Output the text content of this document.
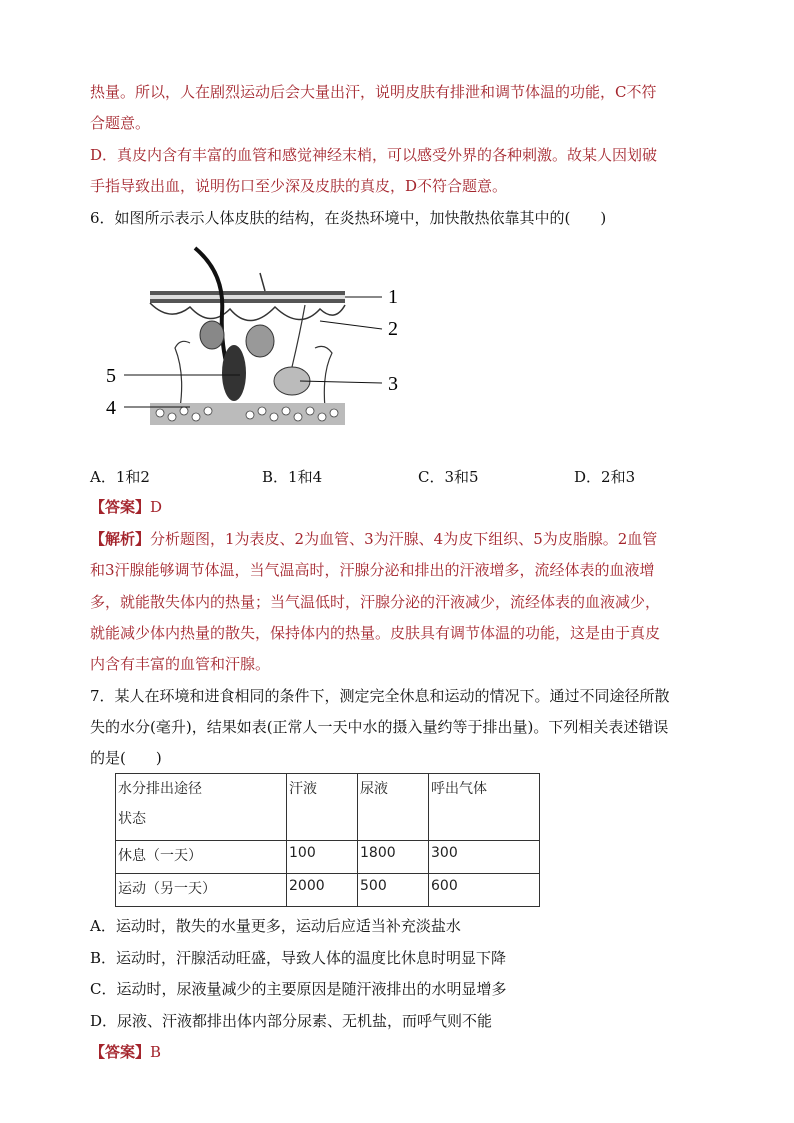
热量。所以，人在剧烈运动后会大量出汗，说明皮肤有排泄和调节体温的功能，C不符
合题意。
D．真皮内含有丰富的血管和感觉神经末梢，可以感受外界的各种刺激。故某人因划破
手指导致出血，说明伤口至少深及皮肤的真皮，D不符合题意。
6．如图所示表示人体皮肤的结构，在炎热环境中，加快散热依靠其中的(　　)
1
2
3
4
5
A．1和2	B．1和4	C．3和5	D．2和3
【答案】D
【解析】分析题图，1为表皮、2为血管、3为汗腺、4为皮下组织、5为皮脂腺。2血管
和3汗腺能够调节体温，当气温高时，汗腺分泌和排出的汗液增多，流经体表的血液增
多，就能散失体内的热量；当气温低时，汗腺分泌的汗液减少，流经体表的血液减少，
就能减少体内热量的散失，保持体内的热量。皮肤具有调节体温的功能，这是由于真皮
内含有丰富的血管和汗腺。
7．某人在环境和进食相同的条件下，测定完全休息和运动的情况下。通过不同途径所散
失的水分(毫升)，结果如表(正常人一天中水的摄入量约等于排出量)。下列相关表述错误
的是(　　)
水分排出途径
状态	汗液	尿液	呼出气体
休息（一天）	100	1800	300
运动（另一天）	2000	500	600
A．运动时，散失的水量更多，运动后应适当补充淡盐水
B．运动时，汗腺活动旺盛，导致人体的温度比休息时明显下降
C．运动时，尿液量减少的主要原因是随汗液排出的水明显增多
D．尿液、汗液都排出体内部分尿素、无机盐，而呼气则不能
【答案】B
